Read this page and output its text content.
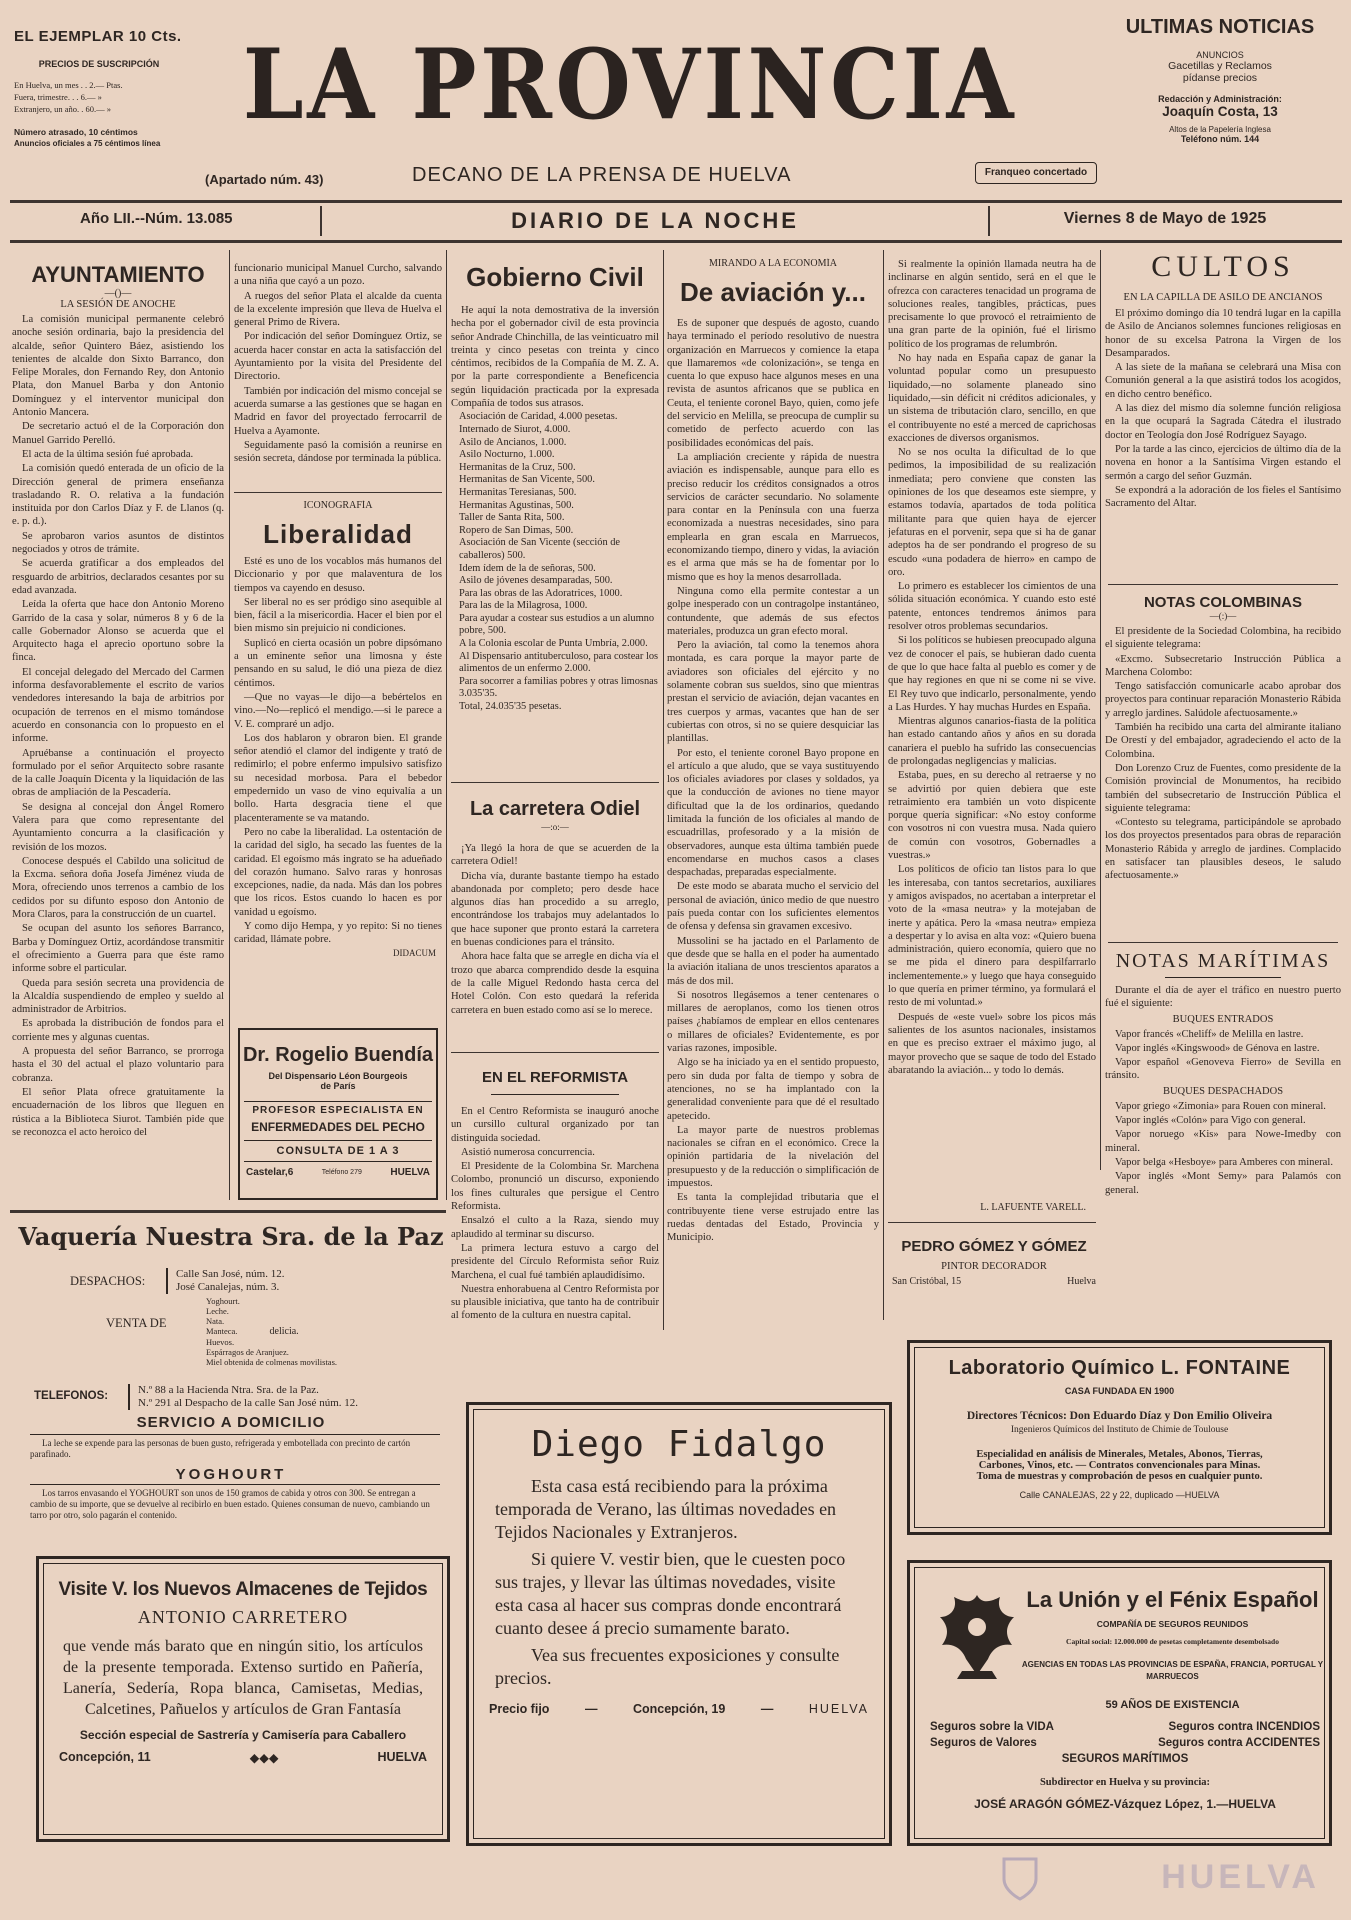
EL EJEMPLAR 10 Cts.
PRECIOS DE SUSCRIPCIÓN
En Huelva, un mes . . 2.— Ptas.
Fuera, trimestre. . . 6.— »
Extranjero, un año. . 60.— »
Número atrasado, 10 céntimos
Anuncios oficiales a 75 céntimos línea
LA PROVINCIA
(Apartado núm. 43)	DECANO DE LA PRENSA DE HUELVA	Franqueo concertado
ULTIMAS NOTICIAS
ANUNCIOS
Gacetillas y Reclamos
pídanse precios
Redacción y Administración:
Joaquín Costa, 13
Altos de la Papelería Inglesa
Teléfono núm. 144
Año LII.--Núm. 13.085	DIARIO DE LA NOCHE	Viernes 8 de Mayo de 1925
AYUNTAMIENTO
—()—
LA SESIÓN DE ANOCHE
La comisión municipal permanente celebró anoche sesión ordinaria, bajo la presidencia del alcalde, señor Quintero Báez, asistiendo los tenientes de alcalde don Sixto Barranco, don Felipe Morales, don Fernando Rey, don Antonio Plata, don Manuel Barba y don Antonio Domínguez y el interventor municipal don Antonio Mancera.
De secretario actuó el de la Corporación don Manuel Garrido Perelló.
El acta de la última sesión fué aprobada.
La comisión quedó enterada de un oficio de la Dirección general de primera enseñanza trasladando R. O. relativa a la fundación instituida por don Carlos Díaz y F. de Llanos (q. e. p. d.).
Se aprobaron varios asuntos de distintos negociados y otros de trámite.
Se acuerda gratificar a dos empleados del resguardo de arbitrios, declarados cesantes por su edad avanzada.
Leída la oferta que hace don Antonio Moreno Garrido de la casa y solar, números 8 y 6 de la calle Gobernador Alonso se acuerda que el Arquitecto haga el aprecio oportuno sobre la finca.
El concejal delegado del Mercado del Carmen informa desfavorablemente el escrito de varios vendedores interesando la baja de arbitrios por ocupación de terrenos en el mismo tomándose acuerdo en consonancia con lo propuesto en el informe.
Apruébanse a continuación el proyecto formulado por el señor Arquitecto sobre rasante de la calle Joaquín Dicenta y la liquidación de las obras de ampliación de la Pescadería.
Se designa al concejal don Ángel Romero Valera para que como representante del Ayuntamiento concurra a la clasificación y revisión de los mozos.
Conocese después el Cabildo una solicitud de la Excma. señora doña Josefa Jiménez viuda de Mora, ofreciendo unos terrenos a cambio de los cedidos por su difunto esposo don Antonio de Mora Claros, para la construcción de un cuartel.
Se ocupan del asunto los señores Barranco, Barba y Domínguez Ortiz, acordándose transmitir el ofrecimiento a Guerra para que éste ramo informe sobre el particular.
Queda para sesión secreta una providencia de la Alcaldía suspendiendo de empleo y sueldo al administrador de Arbitrios.
Es aprobada la distribución de fondos para el corriente mes y algunas cuentas.
A propuesta del señor Barranco, se prorroga hasta el 30 del actual el plazo voluntario para cobranza.
El señor Plata ofrece gratuitamente la encuadernación de los libros que lleguen en rústica a la Biblioteca Siurot. También pide que se reconozca el acto heroico del
funcionario municipal Manuel Curcho, salvando a una niña que cayó a un pozo.
A ruegos del señor Plata el alcalde da cuenta de la excelente impresión que lleva de Huelva el general Primo de Rivera.
Por indicación del señor Domínguez Ortiz, se acuerda hacer constar en acta la satisfacción del Ayuntamiento por la visita del Presidente del Directorio.
También por indicación del mismo concejal se acuerda sumarse a las gestiones que se hagan en Madrid en favor del proyectado ferrocarril de Huelva a Ayamonte.
Seguidamente pasó la comisión a reunirse en sesión secreta, dándose por terminada la pública.
ICONOGRAFÍA
Liberalidad
Esté es uno de los vocablos más humanos del Diccionario y por que malaventura de los tiempos va cayendo en desuso.
Ser liberal no es ser pródigo sino asequible al bien, fácil a la misericordia. Hacer el bien por el bien mismo sin prejuicio ni condiciones.
Suplicó en cierta ocasión un pobre dipsómano a un eminente señor una limosna y éste pensando en su salud, le dió una pieza de diez céntimos.
—Que no vayas—le dijo—a bebértelos en vino.—No—replicó el mendigo.—si le parece a V. E. compraré un adjo.
Los dos hablaron y obraron bien. El grande señor atendió el clamor del indigente y trató de redimirlo; el pobre enfermo impulsivo satisfizo su necesidad morbosa. Para el bebedor empedernido un vaso de vino equivalía a un bollo. Harta desgracia tiene el que placenteramente se va matando.
Pero no cabe la liberalidad. La ostentación de la caridad del siglo, ha secado las fuentes de la caridad. El egoísmo más ingrato se ha adueñado del corazón humano. Salvo raras y honrosas excepciones, nadie, da nada. Más dan los pobres que los ricos. Estos cuando lo hacen es por vanidad u egoísmo.
Y como dijo Hempa, y yo repito: Si no tienes caridad, llámate pobre.
DIDACUM
Dr. Rogelio Buendía
Del Dispensario Léon Bourgeois
de París
PROFESOR ESPECIALISTA EN
ENFERMEDADES DEL PECHO
CONSULTA DE 1 A 3
Castelar,6	Teléfono 279	HUELVA
Gobierno Civil
He aquí la nota demostrativa de la inversión hecha por el gobernador civil de esta provincia señor Andrade Chinchilla, de las veinticuatro mil treinta y cinco pesetas con treinta y cinco céntimos, recibidos de la Compañía de M. Z. A. por la parte correspondiente a Beneficencia según liquidación practicada por la expresada Compañía de todos sus atrasos.
Asociación de Caridad, 4.000 pesetas.
Internado de Siurot, 4.000.
Asilo de Ancianos, 1.000.
Asilo Nocturno, 1.000.
Hermanitas de la Cruz, 500.
Hermanitas de San Vicente, 500.
Hermanitas Teresianas, 500.
Hermanitas Agustinas, 500.
Taller de Santa Rita, 500.
Ropero de San Dimas, 500.
Asociación de San Vicente (sección de caballeros) 500.
Idem ídem de la de señoras, 500.
Asilo de jóvenes desamparadas, 500.
Para las obras de las Adoratrices, 1000.
Para las de la Milagrosa, 1000.
Para ayudar a costear sus estudios a un alumno pobre, 500.
A la Colonia escolar de Punta Umbría, 2.000.
Al Dispensario antituberculoso, para costear los alimentos de un enfermo 2.000.
Para socorrer a familias pobres y otras limosnas 3.035'35.
Total, 24.035'35 pesetas.
La carretera Odiel
—:o:—
¡Ya llegó la hora de que se acuerden de la carretera Odiel!
Dicha vía, durante bastante tiempo ha estado abandonada por completo; pero desde hace algunos días han procedido a su arreglo, encontrándose los trabajos muy adelantados lo que hace suponer que pronto estará la carretera en buenas condiciones para el tránsito.
Ahora hace falta que se arregle en dicha vía el trozo que abarca comprendido desde la esquina de la calle Miguel Redondo hasta cerca del Hotel Colón. Con esto quedará la referida carretera en buen estado como así se lo merece.
EN EL REFORMISTA
En el Centro Reformista se inauguró anoche un cursillo cultural organizado por tan distinguida sociedad.
Asistió numerosa concurrencia.
El Presidente de la Colombina Sr. Marchena Colombo, pronunció un discurso, exponiendo los fines culturales que persigue el Centro Reformista.
Ensalzó el culto a la Raza, siendo muy aplaudido al terminar su discurso.
La primera lectura estuvo a cargo del presidente del Círculo Reformista señor Ruiz Marchena, el cual fué también aplaudidísimo.
Nuestra enhorabuena al Centro Reformista por su plausible iniciativa, que tanto ha de contribuir al fomento de la cultura en nuestra capital.
MIRANDO A LA ECONOMÍA
De aviación y...
Es de suponer que después de agosto, cuando haya terminado el período resolutivo de nuestra organización en Marruecos y comience la etapa que llamaremos «de colonización», se tenga en cuenta lo que expuso hace algunos meses en una revista de asuntos africanos que se publica en Ceuta, el teniente coronel Bayo, quien, como jefe del servicio en Melilla, se preocupa de cumplir su cometido de perfecto acuerdo con las posibilidades económicas del país.
La ampliación creciente y rápida de nuestra aviación es indispensable, aunque para ello es preciso reducir los créditos consignados a otros servicios de carácter secundario. No solamente para contar en la Península con una fuerza economizada a nuestras necesidades, sino para emplearla en gran escala en Marruecos, economizando tiempo, dinero y vidas, la aviación es el arma que más se ha de fomentar por lo mismo que es hoy la menos desarrollada.
Ninguna como ella permite contestar a un golpe inesperado con un contragolpe instantáneo, contundente, que además de sus efectos materiales, produzca un gran efecto moral.
Pero la aviación, tal como la tenemos ahora montada, es cara porque la mayor parte de aviadores son oficiales del ejército y no solamente cobran sus sueldos, sino que mientras prestan el servicio de aviación, dejan vacantes en tres cuerpos y armas, vacantes que han de ser cubiertas con otros, si no se quiere desquiciar las plantillas.
Por esto, el teniente coronel Bayo propone en el artículo a que aludo, que se vaya sustituyendo los oficiales aviadores por clases y soldados, ya que la conducción de aviones no tiene mayor dificultad que la de los ordinarios, quedando limitada la función de los oficiales al mando de escuadrillas, profesorado y a la misión de observadores, aunque esta última también puede encomendarse en muchos casos a clases despachadas, preparadas especialmente.
De este modo se abarata mucho el servicio del personal de aviación, único medio de que nuestro país pueda contar con los suficientes elementos de ofensa y defensa sin gravamen excesivo.
Mussolini se ha jactado en el Parlamento de que desde que se halla en el poder ha aumentado la aviación italiana de unos trescientos aparatos a más de dos mil.
Si nosotros llegásemos a tener centenares o millares de aeroplanos, como los tienen otros países ¿habíamos de emplear en ellos centenares o millares de oficiales? Evidentemente, es por varias razones, imposible.
Algo se ha iniciado ya en el sentido propuesto, pero sin duda por falta de tiempo y sobra de atenciones, no se ha implantado con la generalidad conveniente para que dé el resultado apetecido.
La mayor parte de nuestros problemas nacionales se cifran en el económico. Crece la opinión partidaria de la nivelación del presupuesto y de la reducción o simplificación de impuestos.
Es tanta la complejidad tributaria que el contribuyente tiene verse estrujado entre las ruedas dentadas del Estado, Provincia y Municipio.
Si realmente la opinión llamada neutra ha de inclinarse en algún sentido, será en el que le ofrezca con caracteres tenacidad un programa de soluciones reales, tangibles, prácticas, pues precisamente lo que provocó el retraimiento de una gran parte de la opinión, fué el lirismo político de los programas de relumbrón.
No hay nada en España capaz de ganar la voluntad popular como un presupuesto liquidado,—no solamente planeado sino liquidado,—sin déficit ni créditos adicionales, y un sistema de tributación claro, sencillo, en que el contribuyente no esté a merced de caprichosas exacciones de diversos organismos.
No se nos oculta la dificultad de lo que pedimos, la imposibilidad de su realización inmediata; pero conviene que consten las opiniones de los que deseamos este siempre, y estamos todavía, apartados de toda política militante para que quien haya de ejercer jefaturas en el porvenir, sepa que si ha de ganar adeptos ha de ser pondrando el progreso de su escudo «una podadera de hierro» en campo de oro.
Lo primero es establecer los cimientos de una sólida situación económica. Y cuando esto esté patente, entonces tendremos ánimos para resolver otros problemas secundarios.
Si los políticos se hubiesen preocupado alguna vez de conocer el país, se hubieran dado cuenta de que lo que hace falta al pueblo es comer y de que hay regiones en que ni se come ni se vive. El Rey tuvo que indicarlo, personalmente, yendo a Las Hurdes. Y hay muchas Hurdes en España.
Mientras algunos canarios-fiasta de la política han estado cantando años y años en su dorada canariera el pueblo ha sufrido las consecuencias de prolongadas negligencias y malicias.
Estaba, pues, en su derecho al retraerse y no se advirtió por quien debiera que este retraimiento era también un voto dispicente porque quería significar: «No estoy conforme con vosotros ni con vuestra musa. Nada quiero de común con vosotros, Gobernadles a vuestras.»
Los políticos de oficio tan listos para lo que les interesaba, con tantos secretarios, auxiliares y amigos avispados, no acertaban a interpretar el voto de la «masa neutra» y la motejaban de inerte y apática. Pero la «masa neutra» empieza a despertar y lo avisa en alta voz: «Quiero buena administración, quiero economía, quiero que no se me pida el dinero para despilfarrarlo inclementemente.» y luego que haya conseguido lo que quería en primer término, ya formulará el resto de mi voluntad.»
Después de «este vuel» sobre los picos más salientes de los asuntos nacionales, insistamos en que es preciso extraer el máximo jugo, al mayor provecho que se saque de todo del Estado abaratando la aviación... y todo lo demás.
L. LAFUENTE VARELL.
PEDRO GÓMEZ Y GÓMEZ
PINTOR DECORADOR
San Cristóbal, 15	Huelva
CULTOS
EN LA CAPILLA DE ASILO DE ANCIANOS
El próximo domingo día 10 tendrá lugar en la capilla de Asilo de Ancianos solemnes funciones religiosas en honor de su excelsa Patrona la Virgen de los Desamparados.
A las siete de la mañana se celebrará una Misa con Comunión general a la que asistirá todos los acogidos, en dicho centro benéfico.
A las diez del mismo día solemne función religiosa en la que ocupará la Sagrada Cátedra el ilustrado doctor en Teología don José Rodríguez Sayago.
Por la tarde a las cinco, ejercicios de último día de la novena en honor a la Santísima Virgen estando el sermón a cargo del señor Guzmán.
Se expondrá a la adoración de los fieles el Santísimo Sacramento del Altar.
NOTAS COLOMBINAS
—(:)—
El presidente de la Sociedad Colombina, ha recibido el siguiente telegrama:
«Excmo. Subsecretario Instrucción Pública a Marchena Colombo:
Tengo satisfacción comunicarle acabo aprobar dos proyectos para continuar reparación Monasterio Rábida y arreglo jardines. Salúdole afectuosamente.»
También ha recibido una carta del almirante italiano De Orestí y del embajador, agradeciendo el acto de la Colombina.
Don Lorenzo Cruz de Fuentes, como presidente de la Comisión provincial de Monumentos, ha recibido también del subsecretario de Instrucción Pública el siguiente telegrama:
«Contesto su telegrama, participándole se aprobado los dos proyectos presentados para obras de reparación Monasterio Rábida y arreglo de jardines. Complacido en satisfacer tan plausibles deseos, le saludo afectuosamente.»
NOTAS MARÍTIMAS
Durante el día de ayer el tráfico en nuestro puerto fué el siguiente:
BUQUES ENTRADOS
Vapor francés «Cheliff» de Melilla en lastre.
Vapor inglés «Kingswood» de Génova en lastre.
Vapor español «Genoveva Fierro» de Sevilla en tránsito.
BUQUES DESPACHADOS
Vapor griego «Zimonia» para Rouen con mineral.
Vapor inglés «Colón» para Vigo con general.
Vapor noruego «Kis» para Nowe-Imedby con mineral.
Vapor belga «Hesboye» para Amberes con mineral.
Vapor inglés «Mont Semy» para Palamós con general.
Laboratorio Químico L. FONTAINE
CASA FUNDADA EN 1900
Directores Técnicos: Don Eduardo Díaz y Don Emilio Oliveira
Ingenieros Químicos del Instituto de Chimie de Toulouse
Especialidad en análisis de Minerales, Metales, Abonos, Tierras,
Carbones, Vinos, etc. — Contratos convencionales para Minas.
Toma de muestras y comprobación de pesos en cualquier punto.
Calle CANALEJAS, 22 y 22, duplicado —HUELVA
La Unión y el Fénix Español
COMPAÑÍA DE SEGUROS REUNIDOS
Capital social: 12.000.000 de pesetas completamente desembolsado
AGENCIAS EN TODAS LAS PROVINCIAS DE ESPAÑA, FRANCIA, PORTUGAL Y MARRUECOS
59 AÑOS DE EXISTENCIA
Seguros sobre la VIDA	Seguros contra INCENDIOS
Seguros de Valores	Seguros contra ACCIDENTES
SEGUROS MARÍTIMOS
Subdirector en Huelva y su provincia:
JOSÉ ARAGÓN GÓMEZ-Vázquez López, 1.—HUELVA
Vaquería Nuestra Sra. de la Paz
DESPACHOS:	Calle San José, núm. 12.
José Canalejas, núm. 3.
VENTA DE
Yoghourt.
Leche.
Nata.
Manteca.	delicia.
Huevos.
Espárragos de Aranjuez.
Miel obtenida de colmenas movilistas.
TELÉFONOS:	N.º 88 a la Hacienda Ntra. Sra. de la Paz.
N.º 291 al Despacho de la calle San José núm. 12.
SERVICIO A DOMICILIO
La leche se expende para las personas de buen gusto, refrigerada y embotellada con precinto de cartón parafinado.
YOGHOURT
Los tarros envasando el YOGHOURT son unos de 150 gramos de cabida y otros con 300. Se entregan a cambio de su importe, que se devuelve al recibirlo en buen estado. Quienes consuman de nuevo, cambiando un tarro por otro, solo pagarán el contenido.
Visite V. los Nuevos Almacenes de Tejidos
ANTONIO CARRETERO
que vende más barato que en ningún sitio, los artículos de la presente temporada. Extenso surtido en Pañería, Lanería, Sedería, Ropa blanca, Camisetas, Medias, Calcetines, Pañuelos y artículos de Gran Fantasía
Sección especial de Sastrería y Camisería para Caballero
Concepción, 11	◆◆◆	HUELVA
Diego Fidalgo
Esta casa está recibiendo para la próxima temporada de Verano, las últimas novedades en Tejidos Nacionales y Extranjeros.
Si quiere V. vestir bien, que le cuesten poco sus trajes, y llevar las últimas novedades, visite esta casa al hacer sus compras donde encontrará cuanto desee á precio sumamente barato.
Vea sus frecuentes exposiciones y consulte precios.
Precio fijo	—	Concepción, 19	—	HUELVA
HUELVA
